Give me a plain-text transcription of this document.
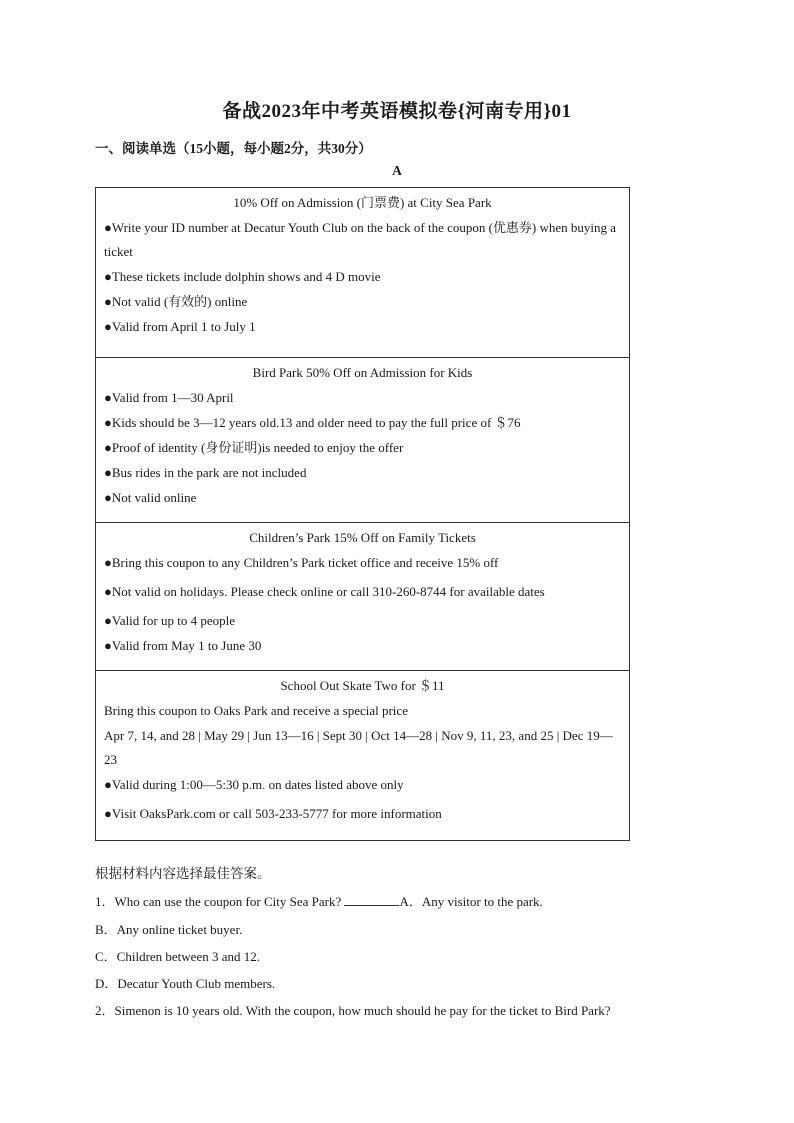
备战2023年中考英语模拟卷{河南专用}01
一、阅读单选（15小题，每小题2分，共30分）
A
10% Off on Admission (门票费) at City Sea Park
●Write your ID number at Decatur Youth Club on the back of the coupon (优惠券) when buying a ticket
●These tickets include dolphin shows and 4 D movie
●Not valid (有效的) online
●Valid from April 1 to July 1
Bird Park 50% Off on Admission for Kids
●Valid from 1—30 April
●Kids should be 3—12 years old.13 and older need to pay the full price of ＄76
●Proof of identity (身份证明)is needed to enjoy the offer
●Bus rides in the park are not included
●Not valid online
Children’s Park 15% Off on Family Tickets
●Bring this coupon to any Children’s Park ticket office and receive 15% off
●Not valid on holidays. Please check online or call 310-260-8744 for available dates
●Valid for up to 4 people
●Valid from May 1 to June 30
School Out Skate Two for ＄11
Bring this coupon to Oaks Park and receive a special price
Apr 7, 14, and 28 | May 29 | Jun 13—16 | Sept 30 | Oct 14—28 | Nov 9, 11, 23, and 25 | Dec 19—23
●Valid during 1:00—5:30 p.m. on dates listed above only
●Visit OaksPark.com or call 503-233-5777 for more information
根据材料内容选择最佳答案。
1．Who can use the coupon for City Sea Park?	A．Any visitor to the park.
B．Any online ticket buyer.
C．Children between 3 and 12.
D．Decatur Youth Club members.
2．Simenon is 10 years old. With the coupon, how much should he pay for the ticket to Bird Park?
